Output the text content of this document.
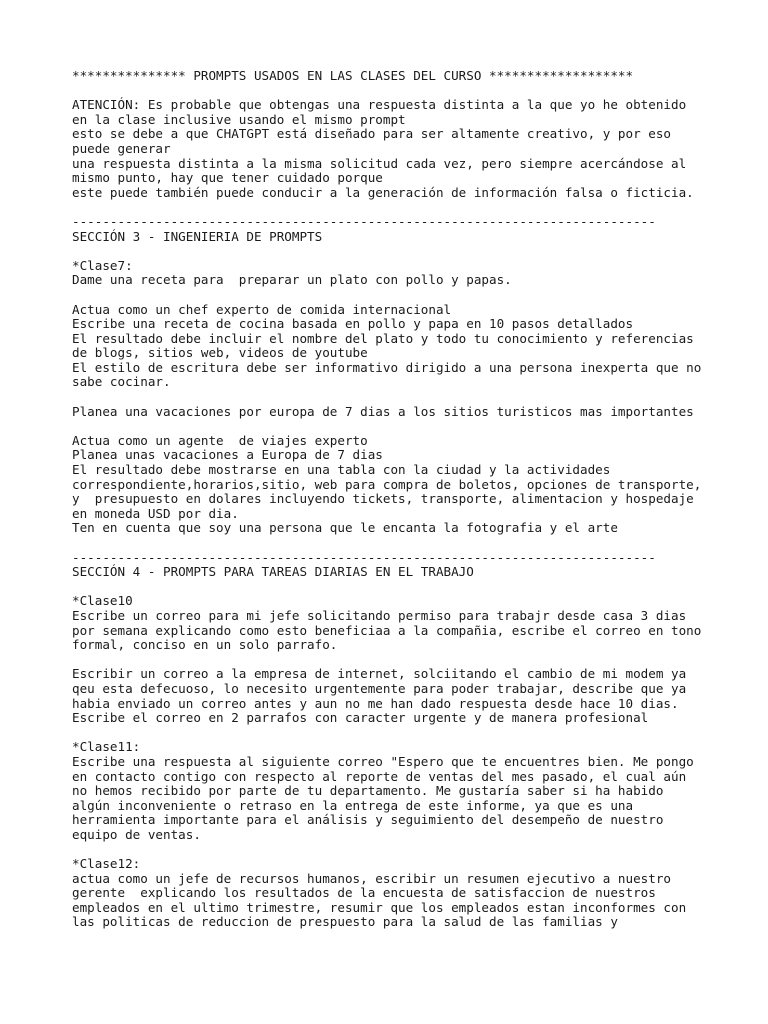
*************** PROMPTS USADOS EN LAS CLASES DEL CURSO *******************

ATENCIÓN: Es probable que obtengas una respuesta distinta a la que yo he obtenido
en la clase inclusive usando el mismo prompt
esto se debe a que CHATGPT está diseñado para ser altamente creativo, y por eso
puede generar
una respuesta distinta a la misma solicitud cada vez, pero siempre acercándose al
mismo punto, hay que tener cuidado porque
este puede también puede conducir a la generación de información falsa o ficticia.

-----------------------------------------------------------------------------
SECCIÓN 3 - INGENIERIA DE PROMPTS

*Clase7:
Dame una receta para  preparar un plato con pollo y papas.

Actua como un chef experto de comida internacional
Escribe una receta de cocina basada en pollo y papa en 10 pasos detallados
El resultado debe incluir el nombre del plato y todo tu conocimiento y referencias
de blogs, sitios web, videos de youtube
El estilo de escritura debe ser informativo dirigido a una persona inexperta que no
sabe cocinar.

Planea una vacaciones por europa de 7 dias a los sitios turisticos mas importantes

Actua como un agente  de viajes experto
Planea unas vacaciones a Europa de 7 dias
El resultado debe mostrarse en una tabla con la ciudad y la actividades
correspondiente,horarios,sitio, web para compra de boletos, opciones de transporte,
y  presupuesto en dolares incluyendo tickets, transporte, alimentacion y hospedaje
en moneda USD por dia.
Ten en cuenta que soy una persona que le encanta la fotografia y el arte

-----------------------------------------------------------------------------
SECCIÓN 4 - PROMPTS PARA TAREAS DIARIAS EN EL TRABAJO

*Clase10
Escribe un correo para mi jefe solicitando permiso para trabajr desde casa 3 dias
por semana explicando como esto beneficiaa a la compañia, escribe el correo en tono
formal, conciso en un solo parrafo.

Escribir un correo a la empresa de internet, solciitando el cambio de mi modem ya
qeu esta defecuoso, lo necesito urgentemente para poder trabajar, describe que ya
habia enviado un correo antes y aun no me han dado respuesta desde hace 10 dias.
Escribe el correo en 2 parrafos con caracter urgente y de manera profesional

*Clase11:
Escribe una respuesta al siguiente correo "Espero que te encuentres bien. Me pongo
en contacto contigo con respecto al reporte de ventas del mes pasado, el cual aún
no hemos recibido por parte de tu departamento. Me gustaría saber si ha habido
algún inconveniente o retraso en la entrega de este informe, ya que es una
herramienta importante para el análisis y seguimiento del desempeño de nuestro
equipo de ventas.

*Clase12:
actua como un jefe de recursos humanos, escribir un resumen ejecutivo a nuestro
gerente  explicando los resultados de la encuesta de satisfaccion de nuestros
empleados en el ultimo trimestre, resumir que los empleados estan inconformes con
las politicas de reduccion de prespuesto para la salud de las familias y
